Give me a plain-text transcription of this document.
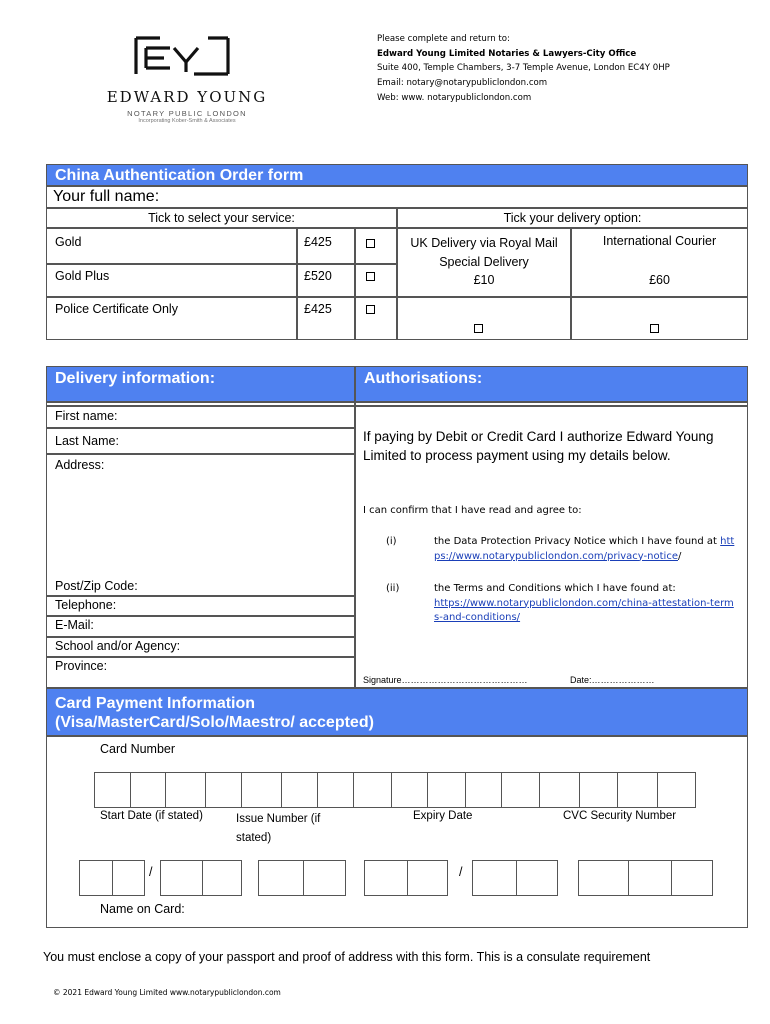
EDWARD YOUNG
NOTARY PUBLIC LONDON
Incorporating Kober-Smith & Associates
Please complete and return to:
Edward Young Limited Notaries & Lawyers-City Office
Suite 400, Temple Chambers, 3-7 Temple Avenue, London EC4Y 0HP
Email: notary@notarypubliclondon.com
Web: www. notarypubliclondon.com
China Authentication Order form
Your full name:
Tick to select your service:	Tick your delivery option:
Gold	£425
Gold Plus	£520
Police Certificate Only	£425
UK Delivery via Royal Mail Special Delivery
£10
International Courier
£60
Delivery information:	Authorisations:
First name:
Last Name:
Address:
Post/Zip Code:
Telephone:
E-Mail:
School and/or Agency:
Province:
If paying by Debit or Credit Card I authorize Edward Young Limited to process payment using my details below.
I can confirm that I have read and agree to:
(i)	the Data Protection Privacy Notice which I have found at https://www.notarypubliclondon.com/privacy-notice/
(ii)	the Terms and Conditions which I have found at:
https://www.notarypubliclondon.com/china-attestation-terms-and-conditions/
Signature……………………………………	Date:…………………
Card Payment Information
(Visa/MasterCard/Solo/Maestro/ accepted)
Card Number
Start Date (if stated)	Issue Number (if stated)
Expiry Date	CVC Security Number
/	/
Name on Card:
You must enclose a copy of your passport and proof of address with this form. This is a consulate requirement
© 2021 Edward Young Limited www.notarypubliclondon.com
